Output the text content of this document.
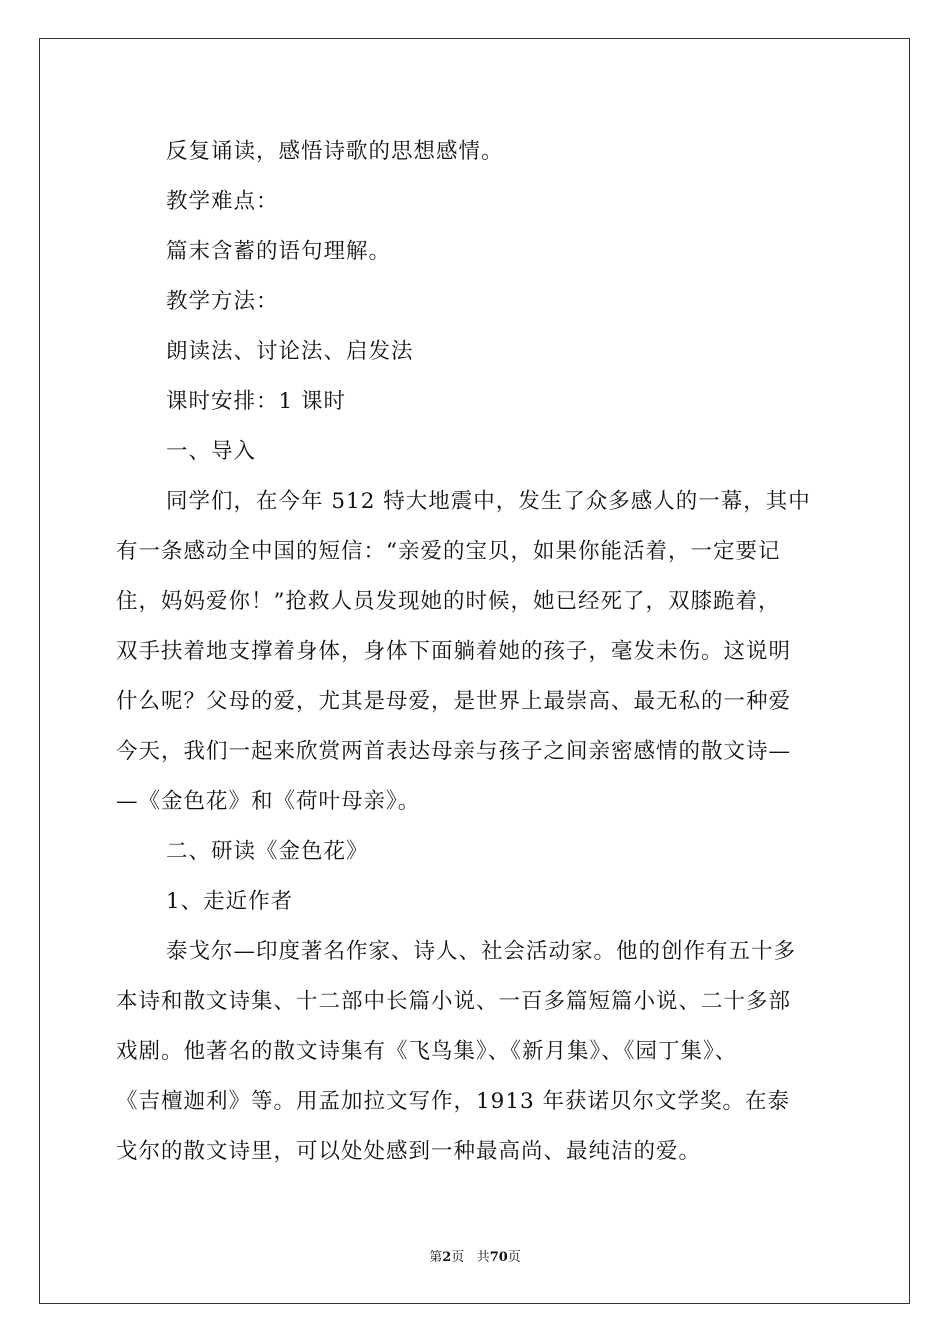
反复诵读，感悟诗歌的思想感情。
教学难点：
篇末含蓄的语句理解。
教学方法：
朗读法、讨论法、启发法
课时安排：1 课时
一、导入
同学们，在今年 512 特大地震中，发生了众多感人的一幕，其中
有一条感动全中国的短信：“亲爱的宝贝，如果你能活着，一定要记
住，妈妈爱你！”抢救人员发现她的时候，她已经死了，双膝跪着，
双手扶着地支撑着身体，身体下面躺着她的孩子，毫发未伤。这说明
什么呢？父母的爱，尤其是母爱，是世界上最崇高、最无私的一种爱
今天，我们一起来欣赏两首表达母亲与孩子之间亲密感情的散文诗—
—《金色花》和《荷叶母亲》。
二、研读《金色花》
1、走近作者
泰戈尔—印度著名作家、诗人、社会活动家。他的创作有五十多
本诗和散文诗集、十二部中长篇小说、一百多篇短篇小说、二十多部
戏剧。他著名的散文诗集有《飞鸟集》、《新月集》、《园丁集》、
《吉檀迦利》等。用孟加拉文写作，1913 年获诺贝尔文学奖。在泰
戈尔的散文诗里，可以处处感到一种最高尚、最纯洁的爱。
第2页 共70页
